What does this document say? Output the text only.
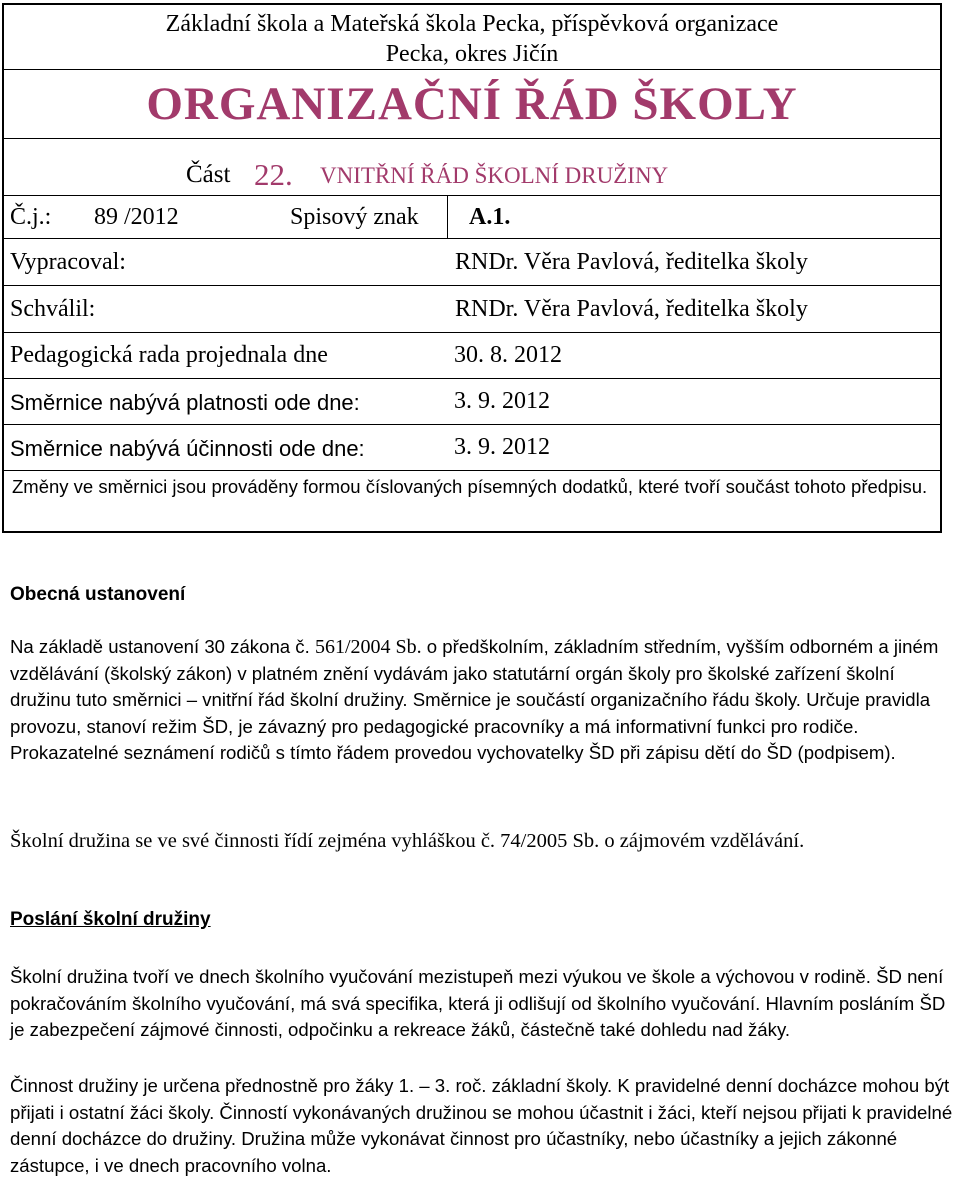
Základní škola a Mateřská škola Pecka, příspěvková organizace
Pecka, okres Jičín
ORGANIZAČNÍ ŘÁD ŠKOLY
Část 22. VNITŘNÍ ŘÁD ŠKOLNÍ DRUŽINY
Č.j.: 89 /2012	Spisový znak A.1.
Vypracoval:	RNDr. Věra Pavlová, ředitelka školy
Schválil:	RNDr. Věra Pavlová, ředitelka školy
Pedagogická rada projednala dne	30. 8. 2012
Směrnice nabývá platnosti ode dne:	3. 9. 2012
Směrnice nabývá účinnosti ode dne:	3. 9. 2012
Změny ve směrnici jsou prováděny formou číslovaných písemných dodatků, které tvoří součást tohoto předpisu.
Obecná ustanovení
Na základě ustanovení 30 zákona č. 561/2004 Sb. o předškolním, základním středním, vyšším odborném a jiném vzdělávání (školský zákon) v platném znění vydávám jako statutární orgán školy pro školské zařízení školní družinu tuto směrnici – vnitřní řád školní družiny. Směrnice je součástí organizačního řádu školy. Určuje pravidla provozu, stanoví režim ŠD, je závazný pro pedagogické pracovníky a má informativní funkci pro rodiče. Prokazatelné seznámení rodičů s tímto řádem provedou vychovatelky ŠD při zápisu dětí do ŠD (podpisem).
Školní družina se ve své činnosti řídí zejména vyhláškou č. 74/2005 Sb. o zájmovém vzdělávání.
Poslání školní družiny
Školní družina tvoří ve dnech školního vyučování mezistupeň mezi výukou ve škole a výchovou v rodině. ŠD není pokračováním školního vyučování, má svá specifika, která ji odlišují od školního vyučování. Hlavním posláním ŠD je zabezpečení zájmové činnosti, odpočinku a rekreace žáků, částečně také dohledu nad žáky.
Činnost družiny je určena přednostně pro žáky 1. – 3. roč. základní školy. K pravidelné denní docházce mohou být přijati i ostatní žáci školy. Činností vykonávaných družinou se mohou účastnit i žáci, kteří nejsou přijati k pravidelné denní docházce do družiny. Družina může vykonávat činnost pro účastníky, nebo účastníky a jejich zákonné zástupce, i ve dnech pracovního volna.
